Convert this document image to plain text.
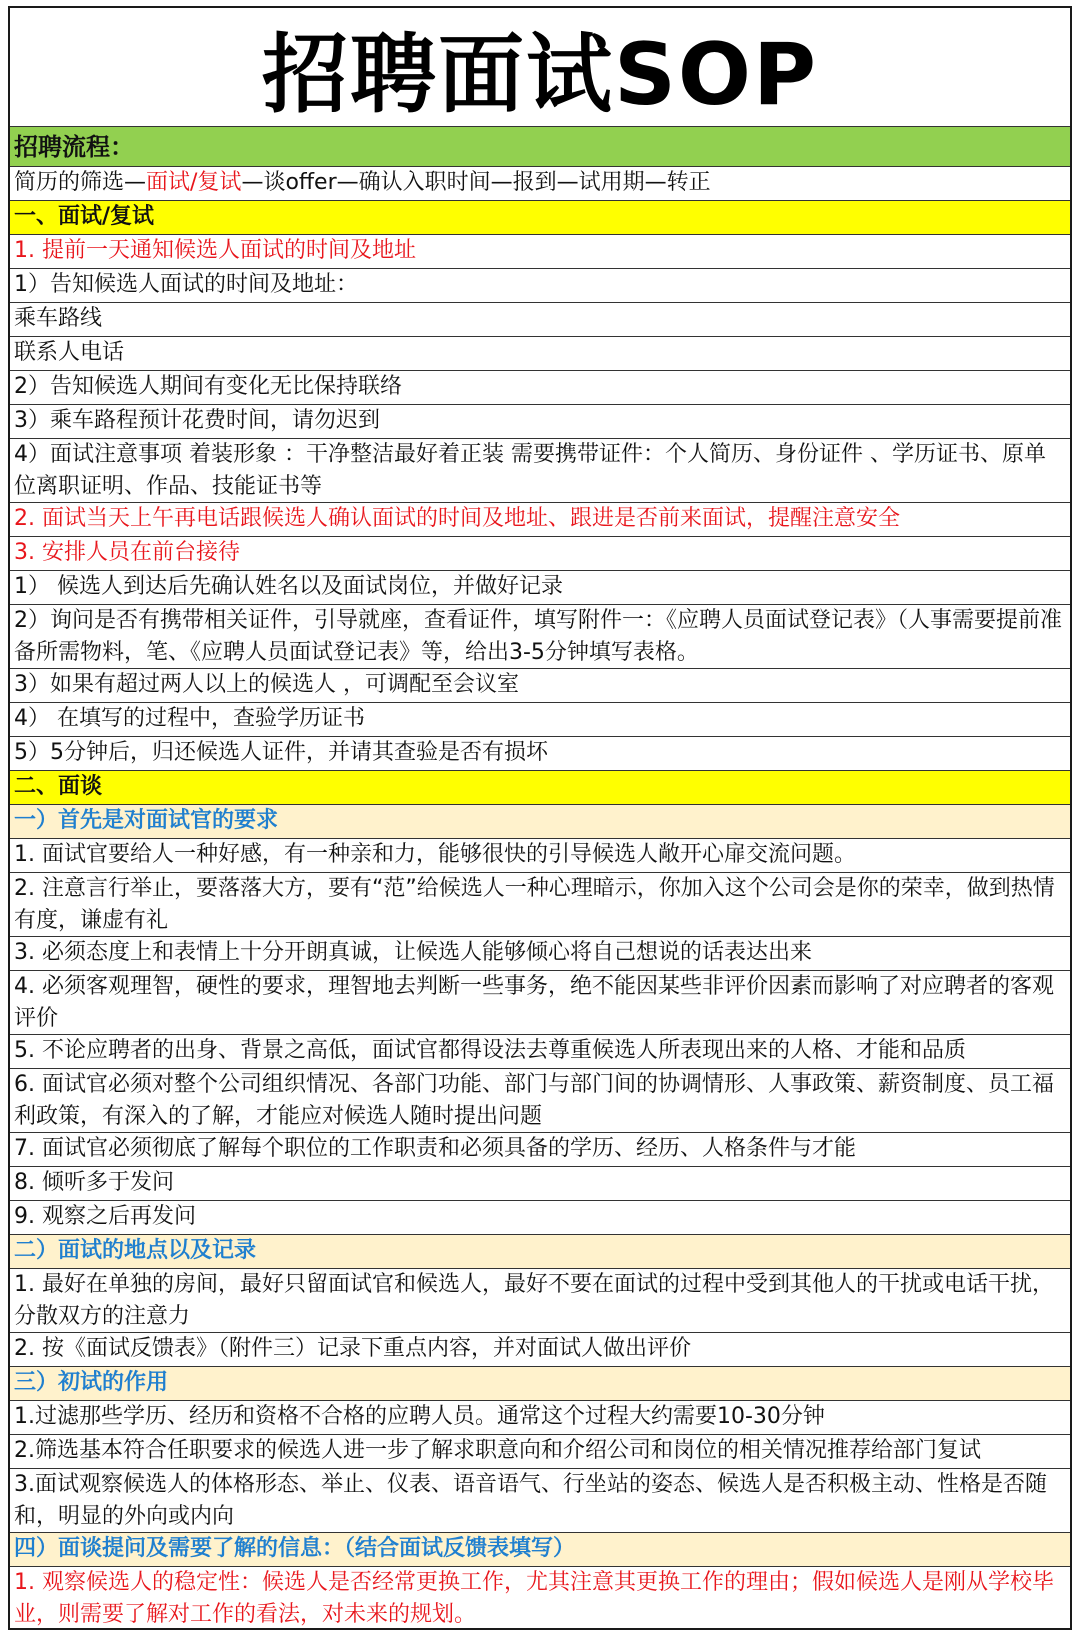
招聘面试SOP
招聘流程：
简历的筛选—面试/复试—谈offer—确认入职时间—报到—试用期—转正
一、面试/复试
1. 提前一天通知候选人面试的时间及地址
1）告知候选人面试的时间及地址：
乘车路线
联系人电话
2）告知候选人期间有变化无比保持联络
3）乘车路程预计花费时间，请勿迟到
4）面试注意事项 着装形象 ：干净整洁最好着正装 需要携带证件：个人简历、身份证件 、学历证书、原单位离职证明、作品、技能证书等
2. 面试当天上午再电话跟候选人确认面试的时间及地址、跟进是否前来面试，提醒注意安全
3. 安排人员在前台接待
1） 候选人到达后先确认姓名以及面试岗位，并做好记录
2）询问是否有携带相关证件，引导就座，查看证件，填写附件一：《应聘人员面试登记表》（人事需要提前准备所需物料，笔、《应聘人员面试登记表》等，给出3-5分钟填写表格。
3）如果有超过两人以上的候选人 ，可调配至会议室
4） 在填写的过程中，查验学历证书
5）5分钟后，归还候选人证件，并请其查验是否有损坏
二、面谈
一）首先是对面试官的要求
1. 面试官要给人一种好感，有一种亲和力，能够很快的引导候选人敞开心扉交流问题。
2. 注意言行举止，要落落大方，要有“范”给候选人一种心理暗示，你加入这个公司会是你的荣幸，做到热情有度，谦虚有礼
3. 必须态度上和表情上十分开朗真诚，让候选人能够倾心将自己想说的话表达出来
4. 必须客观理智，硬性的要求，理智地去判断一些事务，绝不能因某些非评价因素而影响了对应聘者的客观评价
5. 不论应聘者的出身、背景之高低，面试官都得设法去尊重候选人所表现出来的人格、才能和品质
6. 面试官必须对整个公司组织情况、各部门功能、部门与部门间的协调情形、人事政策、薪资制度、员工福利政策，有深入的了解，才能应对候选人随时提出问题
7. 面试官必须彻底了解每个职位的工作职责和必须具备的学历、经历、人格条件与才能
8. 倾听多于发问
9. 观察之后再发问
二）面试的地点以及记录
1. 最好在单独的房间，最好只留面试官和候选人，最好不要在面试的过程中受到其他人的干扰或电话干扰，分散双方的注意力
2. 按《面试反馈表》（附件三）记录下重点内容，并对面试人做出评价
三）初试的作用
1.过滤那些学历、经历和资格不合格的应聘人员。通常这个过程大约需要10-30分钟
2.筛选基本符合任职要求的候选人进一步了解求职意向和介绍公司和岗位的相关情况推荐给部门复试
3.面试观察候选人的体格形态、举止、仪表、语音语气、行坐站的姿态、候选人是否积极主动、性格是否随和，明显的外向或内向
四）面谈提问及需要了解的信息：（结合面试反馈表填写）
1. 观察候选人的稳定性：候选人是否经常更换工作，尤其注意其更换工作的理由；假如候选人是刚从学校毕业，则需要了解对工作的看法，对未来的规划。
